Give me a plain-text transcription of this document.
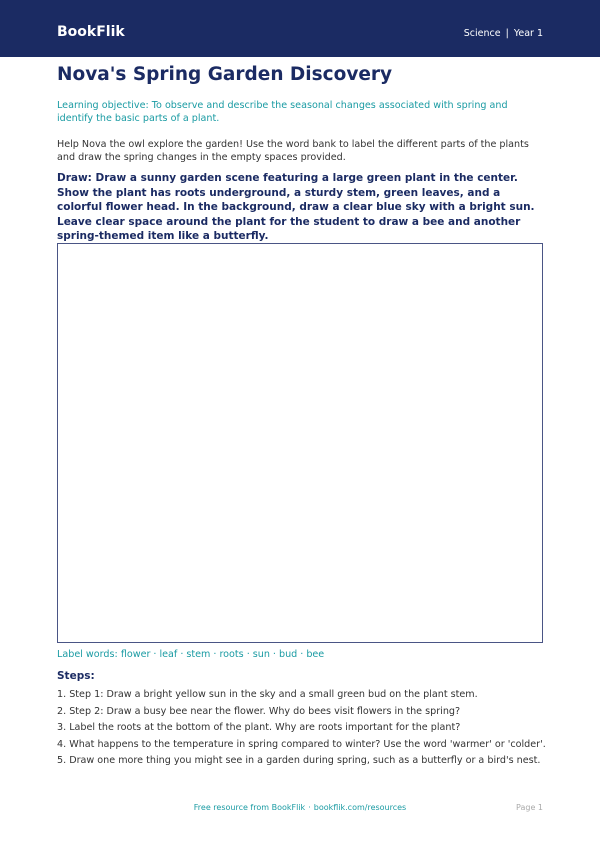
BookFlik	Science | Year 1
Nova's Spring Garden Discovery
Learning objective: To observe and describe the seasonal changes associated with spring and identify the basic parts of a plant.
Help Nova the owl explore the garden! Use the word bank to label the different parts of the plants and draw the spring changes in the empty spaces provided.
Draw: Draw a sunny garden scene featuring a large green plant in the center. Show the plant has roots underground, a sturdy stem, green leaves, and a colorful flower head. In the background, draw a clear blue sky with a bright sun. Leave clear space around the plant for the student to draw a bee and another spring-themed item like a butterfly.
Label words: flower · leaf · stem · roots · sun · bud · bee
Steps:
1. Step 1: Draw a bright yellow sun in the sky and a small green bud on the plant stem.
2. Step 2: Draw a busy bee near the flower. Why do bees visit flowers in the spring?
3. Label the roots at the bottom of the plant. Why are roots important for the plant?
4. What happens to the temperature in spring compared to winter? Use the word 'warmer' or 'colder'.
5. Draw one more thing you might see in a garden during spring, such as a butterfly or a bird's nest.
Free resource from BookFlik · bookflik.com/resources	Page 1
